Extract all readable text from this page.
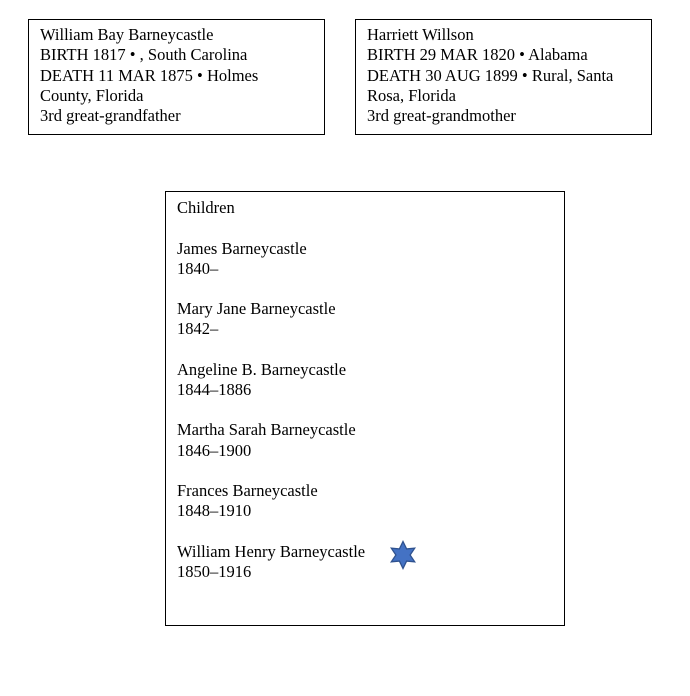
William Bay Barneycastle
BIRTH 1817 • , South Carolina
DEATH 11 MAR 1875 • Holmes County, Florida
3rd great-grandfather
Harriett Willson
BIRTH 29 MAR 1820 • Alabama
DEATH 30 AUG 1899 • Rural, Santa Rosa, Florida
3rd great-grandmother
Children
James Barneycastle
1840–
Mary Jane Barneycastle
1842–
Angeline B. Barneycastle
1844–1886
Martha Sarah Barneycastle
1846–1900
Frances Barneycastle
1848–1910
William Henry Barneycastle
1850–1916
